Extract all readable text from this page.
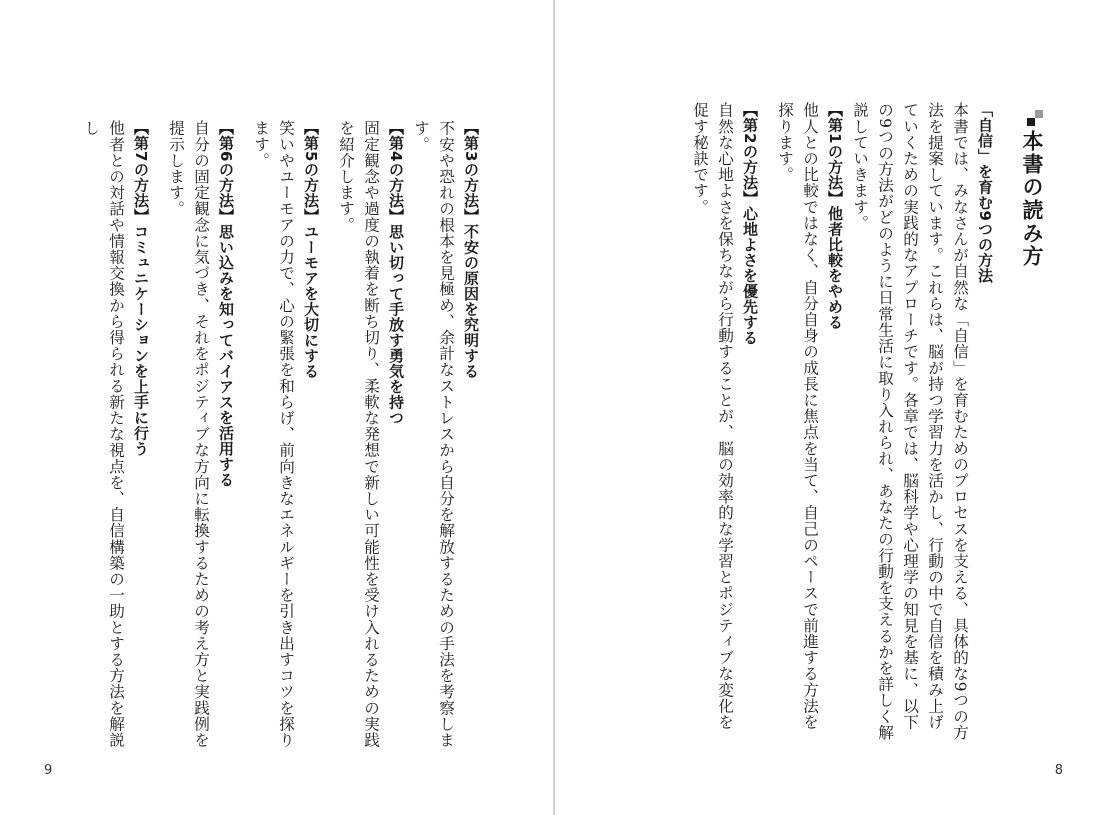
【第3の方法】不安の原因を究明する
不安や恐れの根本を見極め、余計なストレスから自分を解放するための手法を考察します。

【第4の方法】思い切って手放す勇気を持つ
固定観念や過度の執着を断ち切り、柔軟な発想で新しい可能性を受け入れるための実践を紹介します。

【第5の方法】ユーモアを大切にする
笑いやユーモアの力で、心の緊張を和らげ、前向きなエネルギーを引き出すコツを探ります。

【第6の方法】思い込みを知ってバイアスを活用する
自分の固定観念に気づき、それをポジティブな方向に転換するための考え方と実践例を提示します。

【第7の方法】コミュニケーションを上手に行う
他者との対話や情報交換から得られる新たな視点を、自信構築の一助とする方法を解説し

9
本書の読み方

「自信」を育む9つの方法
本書では、みなさんが自然な「自信」を育むためのプロセスを支える、具体的な9つの方法を提案しています。これらは、脳が持つ学習力を活かし、行動の中で自信を積み上げていくための実践的なアプローチです。各章では、脳科学や心理学の知見を基に、以下の9つの方法がどのように日常生活に取り入れられ、あなたの行動を支えるかを詳しく解説していきます。

【第1の方法】他者比較をやめる
他人との比較ではなく、自分自身の成長に焦点を当て、自己のペースで前進する方法を探ります。

【第2の方法】心地よさを優先する
自然な心地よさを保ちながら行動することが、脳の効率的な学習とポジティブな変化を促す秘訣です。

8
